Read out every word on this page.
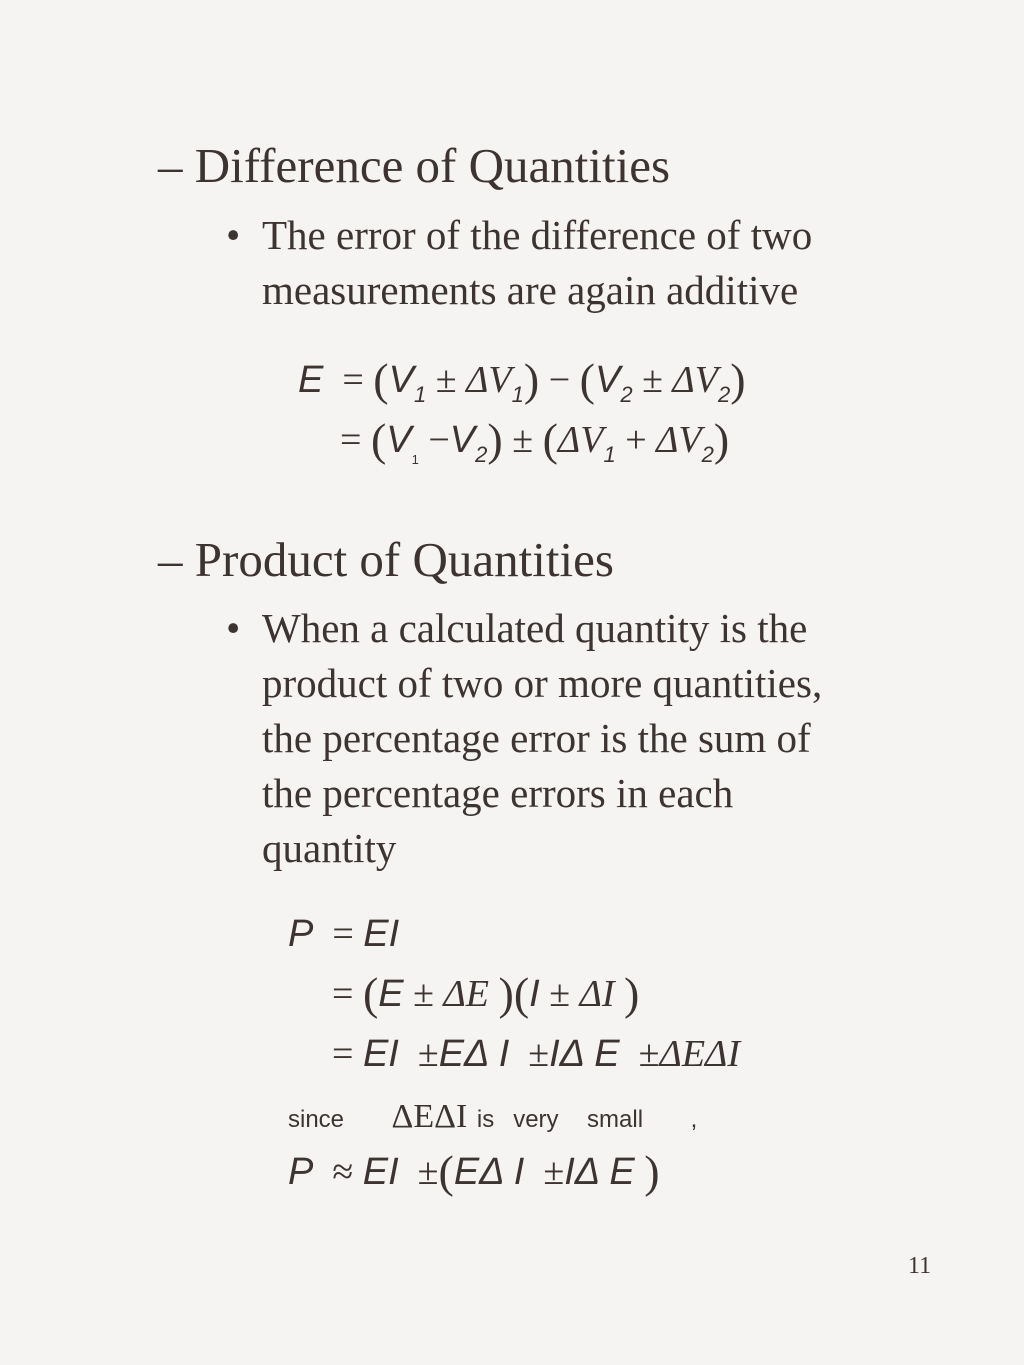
– Difference of Quantities
• The error of the difference of two
measurements are again additive
$E = (V_1 \pm \Delta V_1) - (V_2 \pm \Delta V_2)$
= $(V_1 -V_2) \pm (\Delta V_1 + \Delta V_2)$
– Product of Quantities
• When a calculated quantity is the
product of two or more quantities,
the percentage error is the sum of
the percentage errors in each
quantity
P  = EI
= (E ± ΔE )(I ± ΔI )
= EI  ±EΔ I  ±IΔ E  ±ΔEΔI
since ΔEΔI is very small ,
P  ≈ EI  ±(EΔ I  ±IΔ E )
11
